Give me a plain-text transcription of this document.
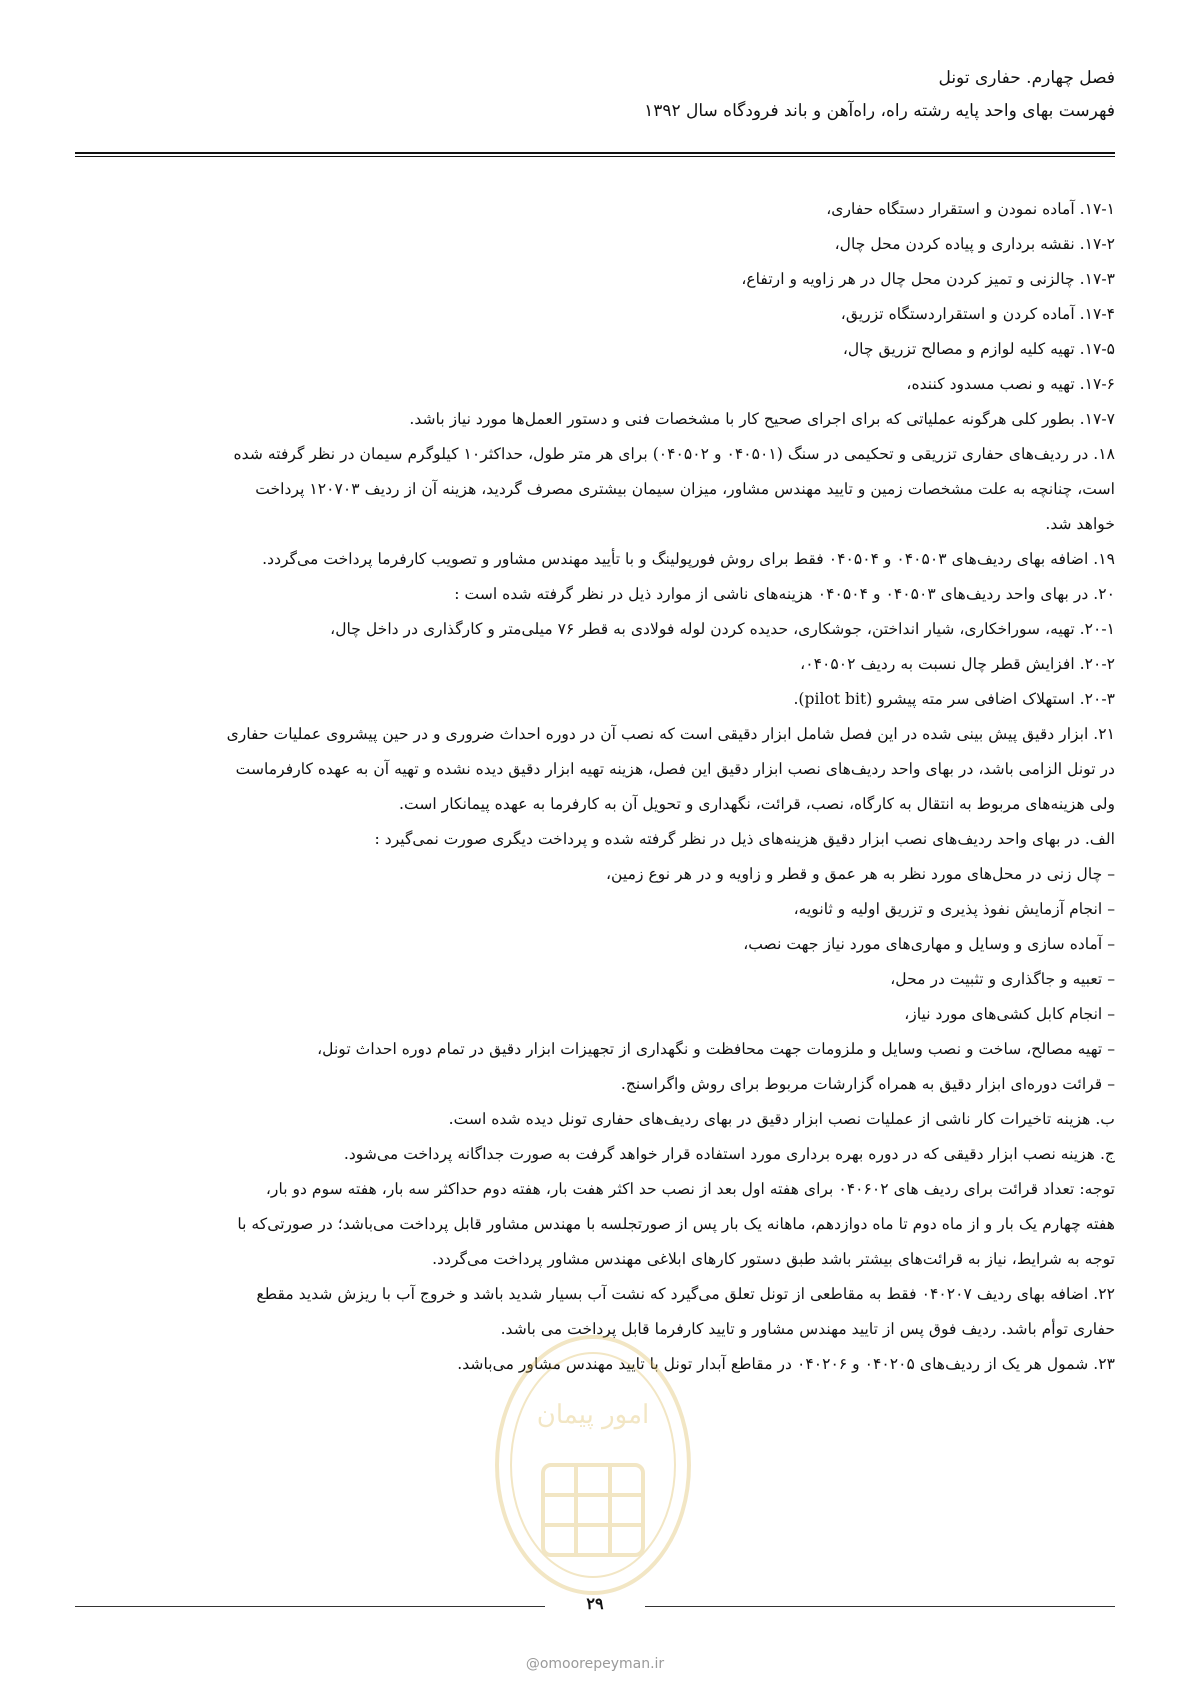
فصل چهارم. حفاری تونل
فهرست بهای واحد پایه رشته راه، راه‌آهن و باند فرودگاه سال ۱۳۹۲
۱۷-۱. آماده نمودن و استقرار دستگاه حفاری،
۱۷-۲. نقشه برداری و پیاده کردن محل چال،
۱۷-۳. چالزنی و تمیز کردن محل چال در هر زاویه و ارتفاع،
۱۷-۴. آماده کردن و استقراردستگاه تزریق،
۱۷-۵. تهیه کلیه لوازم و مصالح تزریق چال،
۱۷-۶. تهیه و نصب مسدود کننده،
۱۷-۷. بطور کلی هرگونه عملیاتی که برای اجرای صحیح کار با مشخصات فنی و دستور العمل‌ها مورد نیاز باشد.
۱۸. در ردیف‌های حفاری تزریقی و تحکیمی در سنگ (۰۴۰۵۰۱ و ۰۴۰۵۰۲) برای هر متر طول، حداکثر۱۰ کیلوگرم سیمان در نظر گرفته شده
است، چنانچه به علت مشخصات زمین و تایید مهندس مشاور، میزان سیمان بیشتری مصرف گردید، هزینه آن از ردیف ۱۲۰۷۰۳ پرداخت
خواهد شد.
۱۹. اضافه بهای ردیف‌های ۰۴۰۵۰۳ و ۰۴۰۵۰۴ فقط برای روش فورپولینگ و با تأیید مهندس مشاور و تصویب کارفرما پرداخت می‌گردد.
۲۰. در بهای واحد ردیف‌های ۰۴۰۵۰۳ و ۰۴۰۵۰۴ هزینه‌های ناشی از موارد ذیل در نظر گرفته شده است :
۲۰-۱. تهیه، سوراخکاری، شیار انداختن، جوشکاری، حدیده کردن لوله فولادی به قطر ۷۶ میلی‌متر و کارگذاری در داخل چال،
۲۰-۲. افزایش قطر چال نسبت به ردیف ۰۴۰۵۰۲،
۲۰-۳. استهلاک اضافی سر مته پیشرو (pilot bit).
۲۱. ابزار دقیق پیش بینی شده در این فصل شامل ابزار دقیقی است که نصب آن در دوره احداث ضروری و در حین پیشروی عملیات حفاری
در تونل الزامی باشد، در بهای واحد ردیف‌های نصب ابزار دقیق این فصل، هزینه تهیه ابزار دقیق دیده نشده و تهیه آن به عهده کارفرماست
ولی هزینه‌های مربوط به انتقال به کارگاه، نصب، قرائت، نگهداری و تحویل آن به کارفرما به عهده پیمانکار است.
الف. در بهای واحد ردیف‌های نصب ابزار دقیق هزینه‌های ذیل در نظر گرفته شده و پرداخت دیگری صورت نمی‌گیرد :
– چال زنی در محل‌های مورد نظر به هر عمق و قطر و زاویه و در هر نوع زمین،
– انجام آزمایش نفوذ پذیری و تزریق اولیه و ثانویه،
– آماده سازی و وسایل و مهاری‌های مورد نیاز جهت نصب،
– تعبیه و جاگذاری و تثبیت در محل،
– انجام کابل کشی‌های مورد نیاز،
– تهیه مصالح، ساخت و نصب وسایل و ملزومات جهت محافظت و نگهداری از تجهیزات ابزار دقیق در تمام دوره احداث تونل،
– قرائت دوره‌ای ابزار دقیق به همراه گزارشات مربوط برای روش واگراسنج.
ب. هزینه تاخیرات کار ناشی از عملیات نصب ابزار دقیق در بهای ردیف‌های حفاری تونل دیده شده است.
ج. هزینه نصب ابزار دقیقی که در دوره بهره برداری مورد استفاده قرار خواهد گرفت به صورت جداگانه پرداخت می‌شود.
توجه: تعداد قرائت برای ردیف های ۰۴۰۶۰۲ برای هفته اول بعد از نصب حد اکثر هفت بار، هفته دوم حداکثر سه بار، هفته سوم دو بار،
هفته چهارم یک بار و از ماه دوم تا ماه دوازدهم، ماهانه یک بار پس از صورتجلسه با مهندس مشاور قابل پرداخت می‌باشد؛ در صورتی‌که با
توجه به شرایط، نیاز به قرائت‌های بیشتر باشد طبق دستور کارهای ابلاغی مهندس مشاور پرداخت می‌گردد.
۲۲. اضافه بهای ردیف ۰۴۰۲۰۷ فقط به مقاطعی از تونل تعلق می‌گیرد که نشت آب بسیار شدید باشد و خروج آب با ریزش شدید مقطع
حفاری توأم باشد. ردیف فوق پس از تایید مهندس مشاور و تایید کارفرما قابل پرداخت می باشد.
۲۳. شمول هر یک از ردیف‌های ۰۴۰۲۰۵ و ۰۴۰۲۰۶ در مقاطع آبدار تونل با تایید مهندس مشاور می‌باشد.
امور پیمان
۲۹
@omoorepeyman.ir
